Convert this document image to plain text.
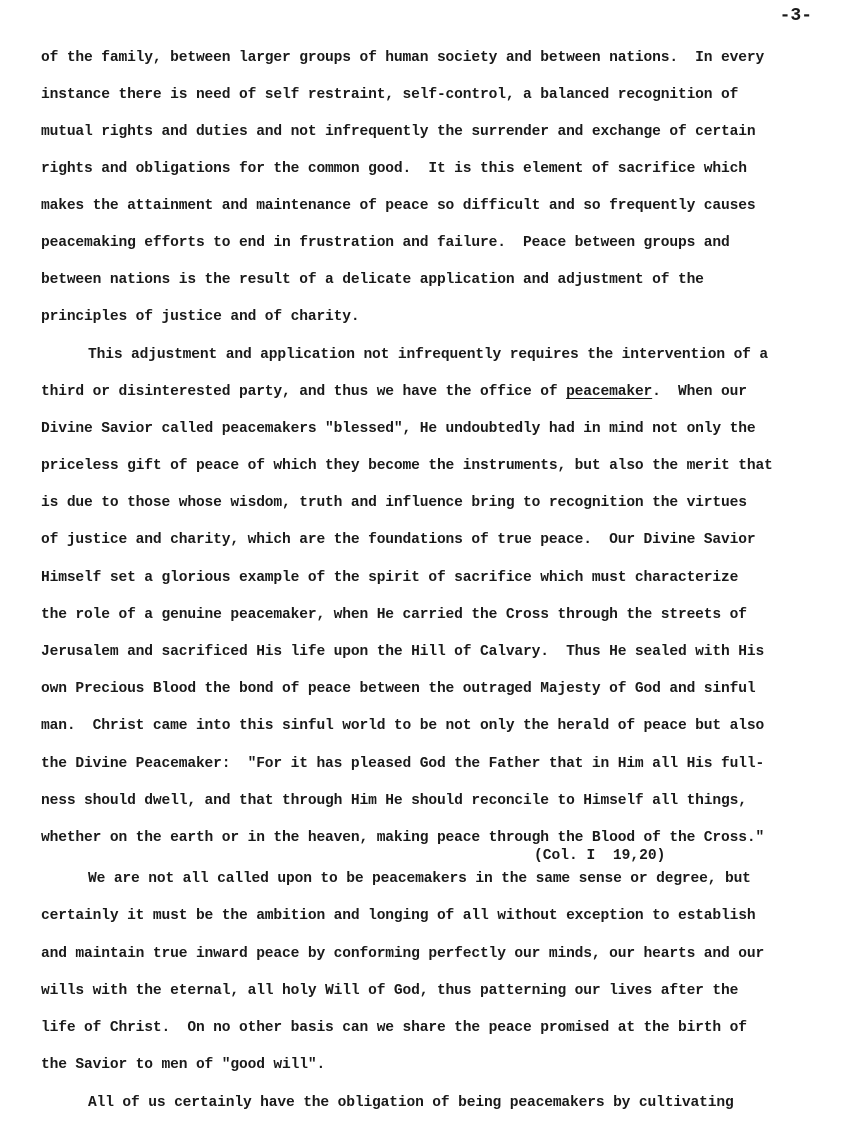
-3-
of the family, between larger groups of human society and between nations.  In every
instance there is need of self restraint, self-control, a balanced recognition of
mutual rights and duties and not infrequently the surrender and exchange of certain
rights and obligations for the common good.  It is this element of sacrifice which
makes the attainment and maintenance of peace so difficult and so frequently causes
peacemaking efforts to end in frustration and failure.  Peace between groups and
between nations is the result of a delicate application and adjustment of the
principles of justice and of charity.
This adjustment and application not infrequently requires the intervention of a
third or disinterested party, and thus we have the office of peacemaker.  When our
Divine Savior called peacemakers "blessed", He undoubtedly had in mind not only the
priceless gift of peace of which they become the instruments, but also the merit that
is due to those whose wisdom, truth and influence bring to recognition the virtues
of justice and charity, which are the foundations of true peace.  Our Divine Savior
Himself set a glorious example of the spirit of sacrifice which must characterize
the role of a genuine peacemaker, when He carried the Cross through the streets of
Jerusalem and sacrificed His life upon the Hill of Calvary.  Thus He sealed with His
own Precious Blood the bond of peace between the outraged Majesty of God and sinful
man.  Christ came into this sinful world to be not only the herald of peace but also
the Divine Peacemaker:  "For it has pleased God the Father that in Him all His full-
ness should dwell, and that through Him He should reconcile to Himself all things,
whether on the earth or in the heaven, making peace through the Blood of the Cross."
(Col. I  19,20)
We are not all called upon to be peacemakers in the same sense or degree, but
certainly it must be the ambition and longing of all without exception to establish
and maintain true inward peace by conforming perfectly our minds, our hearts and our
wills with the eternal, all holy Will of God, thus patterning our lives after the
life of Christ.  On no other basis can we share the peace promised at the birth of
the Savior to men of "good will".
All of us certainly have the obligation of being peacemakers by cultivating
